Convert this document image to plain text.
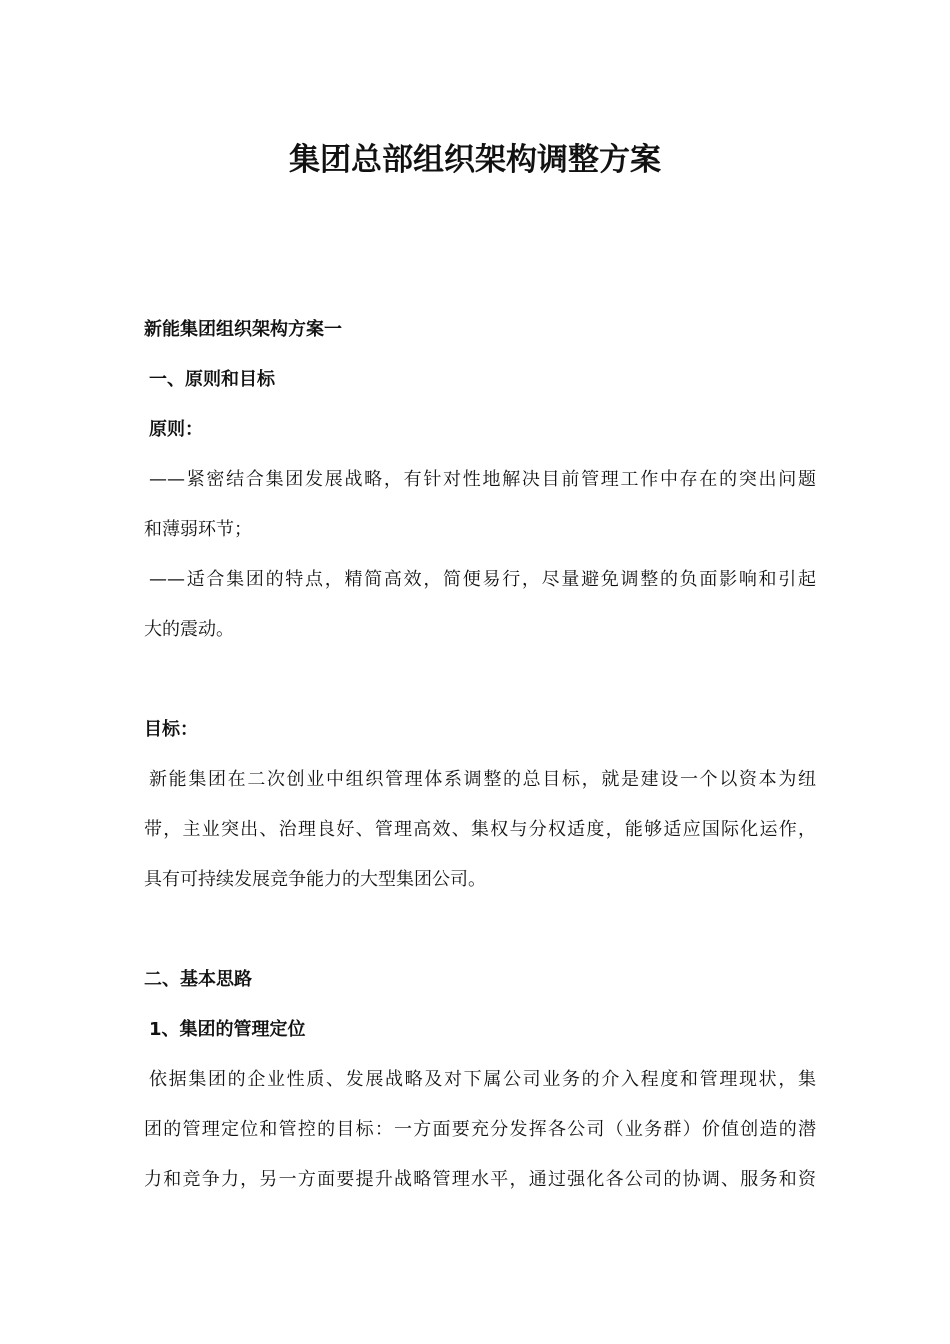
集团总部组织架构调整方案
新能集团组织架构方案一
一、原则和目标
原则：
——紧密结合集团发展战略，有针对性地解决目前管理工作中存在的突出问题
和薄弱环节；
——适合集团的特点，精简高效，简便易行，尽量避免调整的负面影响和引起
大的震动。
目标：
新能集团在二次创业中组织管理体系调整的总目标，就是建设一个以资本为纽
带，主业突出、治理良好、管理高效、集权与分权适度，能够适应国际化运作，
具有可持续发展竞争能力的大型集团公司。
二、基本思路
1、集团的管理定位
依据集团的企业性质、发展战略及对下属公司业务的介入程度和管理现状，集
团的管理定位和管控的目标：一方面要充分发挥各公司（业务群）价值创造的潜
力和竞争力，另一方面要提升战略管理水平，通过强化各公司的协调、服务和资
